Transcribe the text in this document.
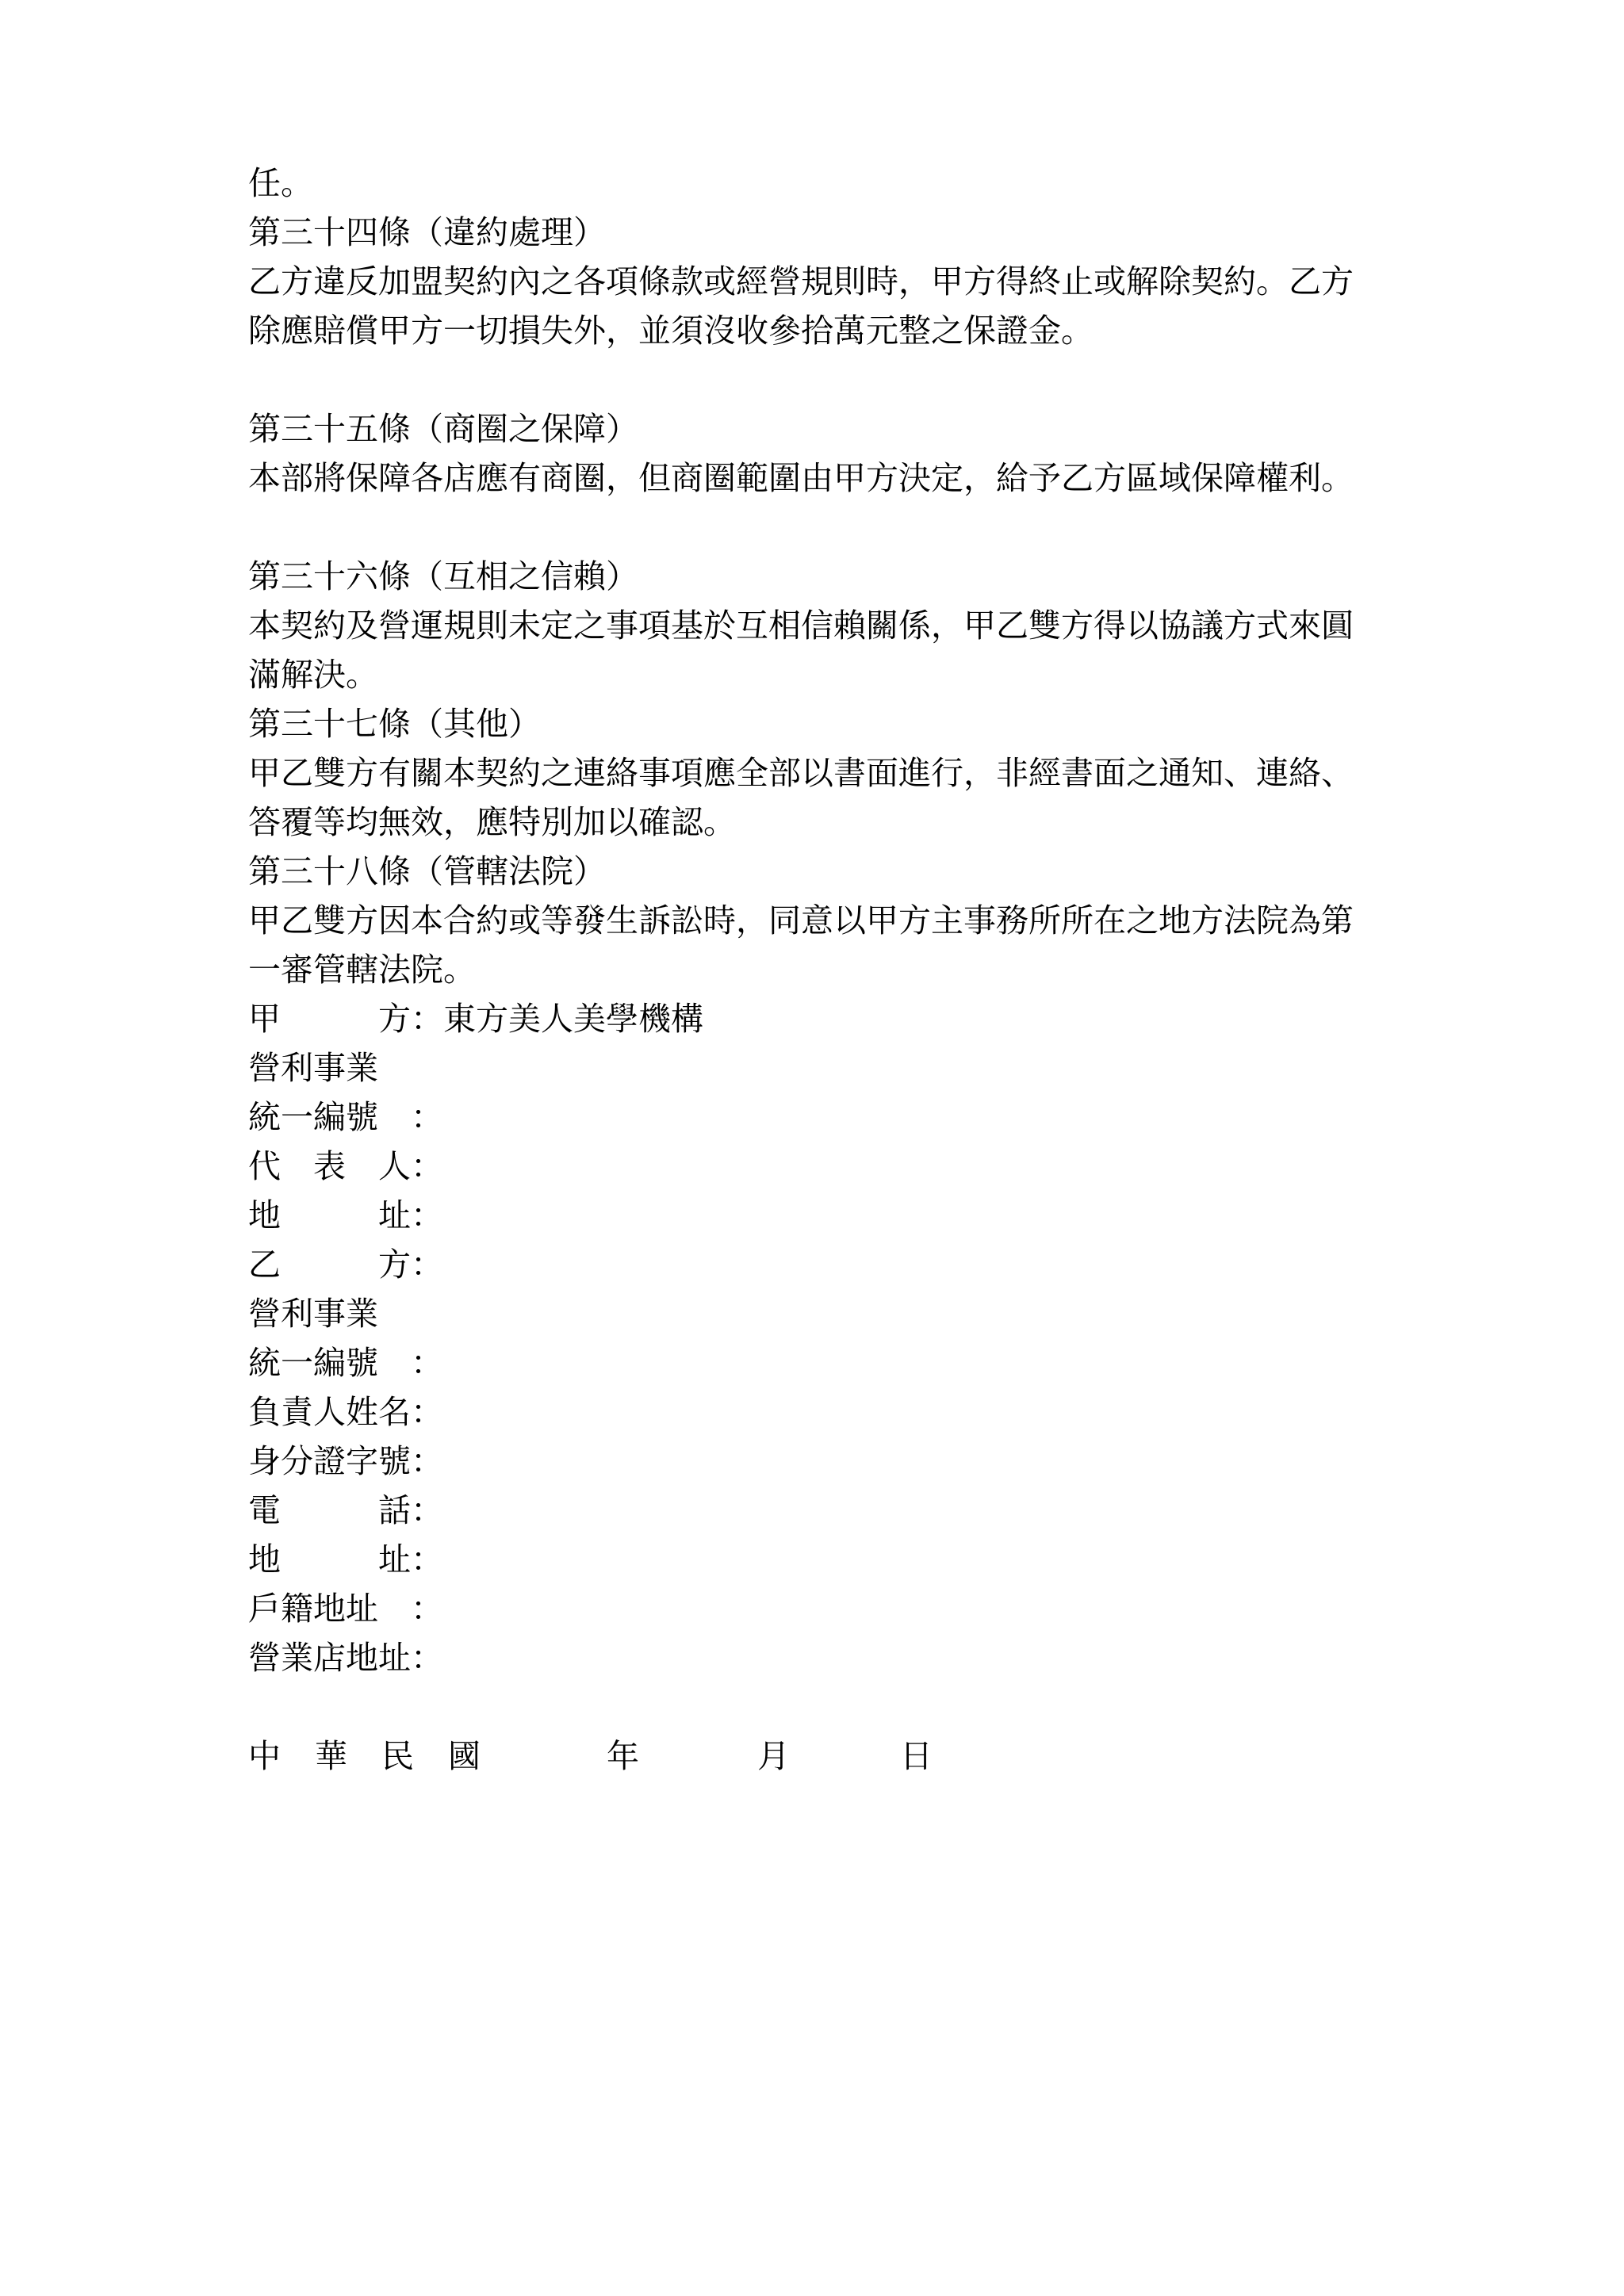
任。
第三十四條（違約處理）
乙方違反加盟契約內之各項條款或經營規則時，甲方得終止或解除契約。乙方
除應賠償甲方一切損失外，並須沒收參拾萬元整之保證金。
第三十五條（商圈之保障）
本部將保障各店應有商圈，但商圈範圍由甲方決定，給予乙方區域保障權利。
第三十六條（互相之信賴）
本契約及營運規則未定之事項基於互相信賴關係，甲乙雙方得以協議方式來圓
滿解決。
第三十七條（其他）
甲乙雙方有關本契約之連絡事項應全部以書面進行，非經書面之通知、連絡、
答覆等均無效，應特別加以確認。
第三十八條（管轄法院）
甲乙雙方因本合約或等發生訴訟時，同意以甲方主事務所所在之地方法院為第
一審管轄法院。
甲　　　方：東方美人美學機構
營利事業
統一編號　：
代　表　人：
地　　　址：
乙　　　方：
營利事業
統一編號　：
負責人姓名：
身分證字號：
電　　　話：
地　　　址：
戶籍地址　：
營業店地址：
中 華 民 國	年	月	日
